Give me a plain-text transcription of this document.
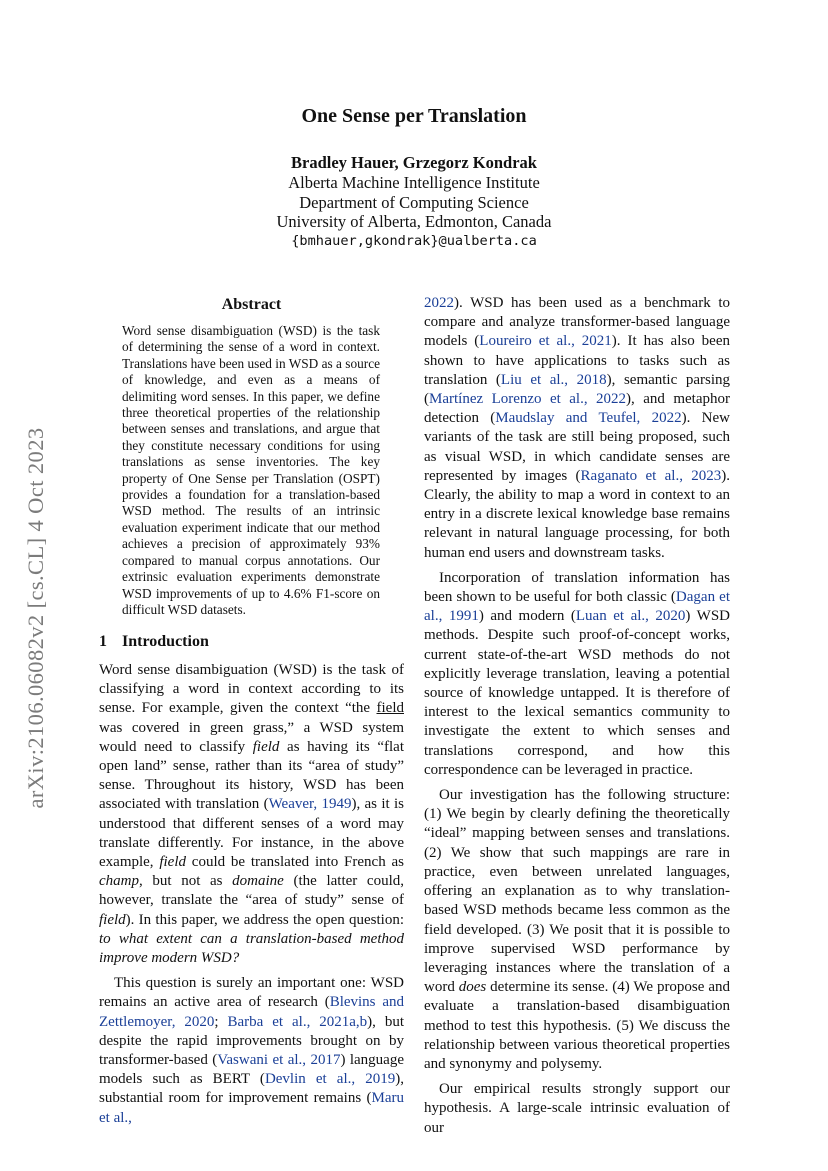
arXiv:2106.06082v2 [cs.CL] 4 Oct 2023
One Sense per Translation
Bradley Hauer, Grzegorz Kondrak
Alberta Machine Intelligence Institute
Department of Computing Science
University of Alberta, Edmonton, Canada
{bmhauer,gkondrak}@ualberta.ca
Abstract
Word sense disambiguation (WSD) is the task of determining the sense of a word in context. Translations have been used in WSD as a source of knowledge, and even as a means of delimiting word senses. In this paper, we define three theoretical properties of the relationship between senses and translations, and argue that they constitute necessary conditions for using translations as sense inventories. The key property of One Sense per Translation (OSPT) provides a foundation for a translation-based WSD method. The results of an intrinsic evaluation experiment indicate that our method achieves a precision of approximately 93% compared to manual corpus annotations. Our extrinsic evaluation experiments demonstrate WSD improvements of up to 4.6% F1-score on difficult WSD datasets.
1 Introduction

Word sense disambiguation (WSD) is the task of classifying a word in context according to its sense. For example, given the context “the field was covered in green grass,” a WSD system would need to classify field as having its “flat open land” sense, rather than its “area of study” sense. Throughout its history, WSD has been associated with translation (Weaver, 1949), as it is understood that different senses of a word may translate differently. For instance, in the above example, field could be translated into French as champ, but not as domaine (the latter could, however, translate the “area of study” sense of field). In this paper, we address the open question: to what extent can a translation-based method improve modern WSD?

This question is surely an important one: WSD remains an active area of research (Blevins and Zettlemoyer, 2020; Barba et al., 2021a,b), but despite the rapid improvements brought on by transformer-based (Vaswani et al., 2017) language models such as BERT (Devlin et al., 2019), substantial room for improvement remains (Maru et al.,

2022). WSD has been used as a benchmark to compare and analyze transformer-based language models (Loureiro et al., 2021). It has also been shown to have applications to tasks such as translation (Liu et al., 2018), semantic parsing (Martínez Lorenzo et al., 2022), and metaphor detection (Maudslay and Teufel, 2022). New variants of the task are still being proposed, such as visual WSD, in which candidate senses are represented by images (Raganato et al., 2023). Clearly, the ability to map a word in context to an entry in a discrete lexical knowledge base remains relevant in natural language processing, for both human end users and downstream tasks.

Incorporation of translation information has been shown to be useful for both classic (Dagan et al., 1991) and modern (Luan et al., 2020) WSD methods. Despite such proof-of-concept works, current state-of-the-art WSD methods do not explicitly leverage translation, leaving a potential source of knowledge untapped. It is therefore of interest to the lexical semantics community to investigate the extent to which senses and translations correspond, and how this correspondence can be leveraged in practice.

Our investigation has the following structure: (1) We begin by clearly defining the theoretically “ideal” mapping between senses and translations. (2) We show that such mappings are rare in practice, even between unrelated languages, offering an explanation as to why translation-based WSD methods became less common as the field developed. (3) We posit that it is possible to improve supervised WSD performance by leveraging instances where the translation of a word does determine its sense. (4) We propose and evaluate a translation-based disambiguation method to test this hypothesis. (5) We discuss the relationship between various theoretical properties and synonymy and polysemy.

Our empirical results strongly support our hypothesis. A large-scale intrinsic evaluation of our
